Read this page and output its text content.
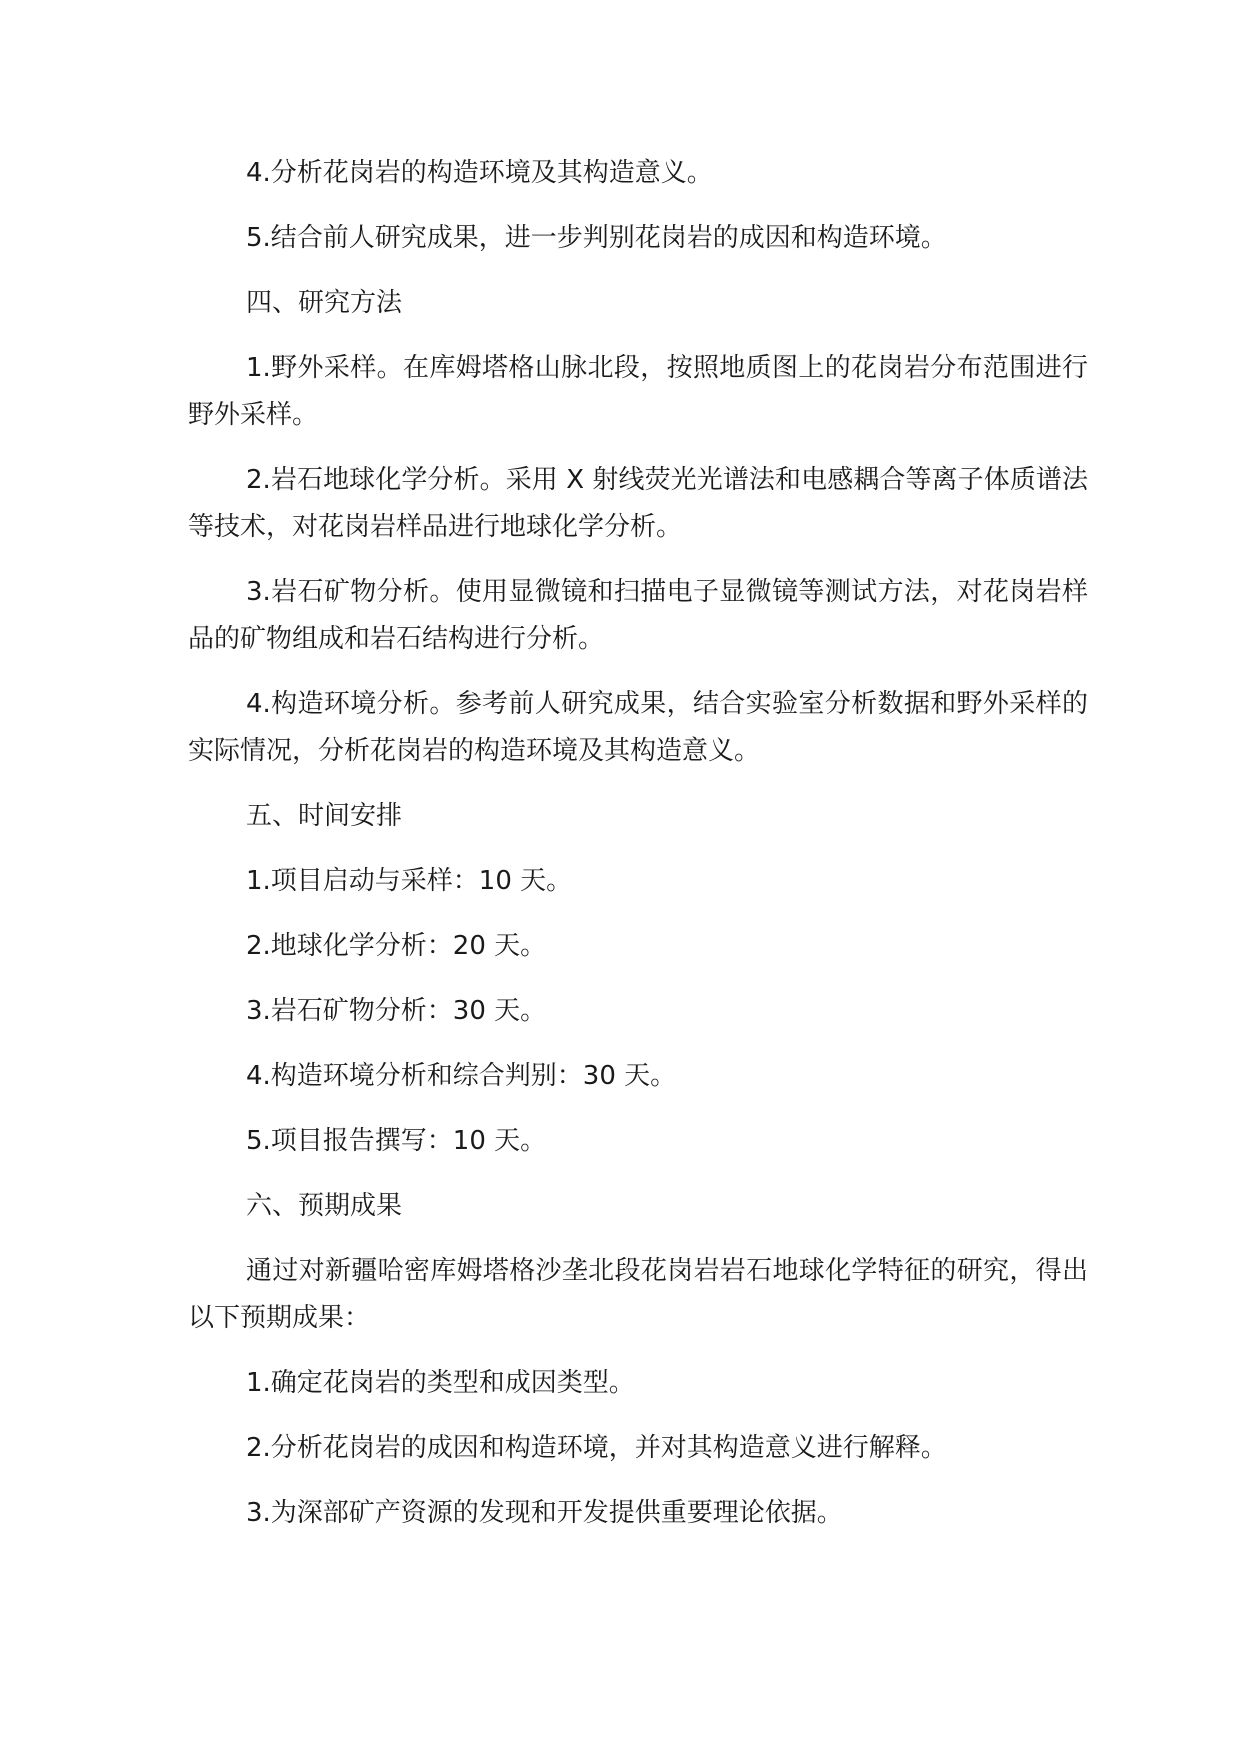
4.分析花岗岩的构造环境及其构造意义。

5.结合前人研究成果，进一步判别花岗岩的成因和构造环境。

四、研究方法

1.野外采样。在库姆塔格山脉北段，按照地质图上的花岗岩分布范围进行野外采样。

2.岩石地球化学分析。采用 X 射线荧光光谱法和电感耦合等离子体质谱法等技术，对花岗岩样品进行地球化学分析。

3.岩石矿物分析。使用显微镜和扫描电子显微镜等测试方法，对花岗岩样品的矿物组成和岩石结构进行分析。

4.构造环境分析。参考前人研究成果，结合实验室分析数据和野外采样的实际情况，分析花岗岩的构造环境及其构造意义。

五、时间安排

1.项目启动与采样：10 天。

2.地球化学分析：20 天。

3.岩石矿物分析：30 天。

4.构造环境分析和综合判别：30 天。

5.项目报告撰写：10 天。

六、预期成果

通过对新疆哈密库姆塔格沙垄北段花岗岩岩石地球化学特征的研究，得出以下预期成果：

1.确定花岗岩的类型和成因类型。

2.分析花岗岩的成因和构造环境，并对其构造意义进行解释。

3.为深部矿产资源的发现和开发提供重要理论依据。
